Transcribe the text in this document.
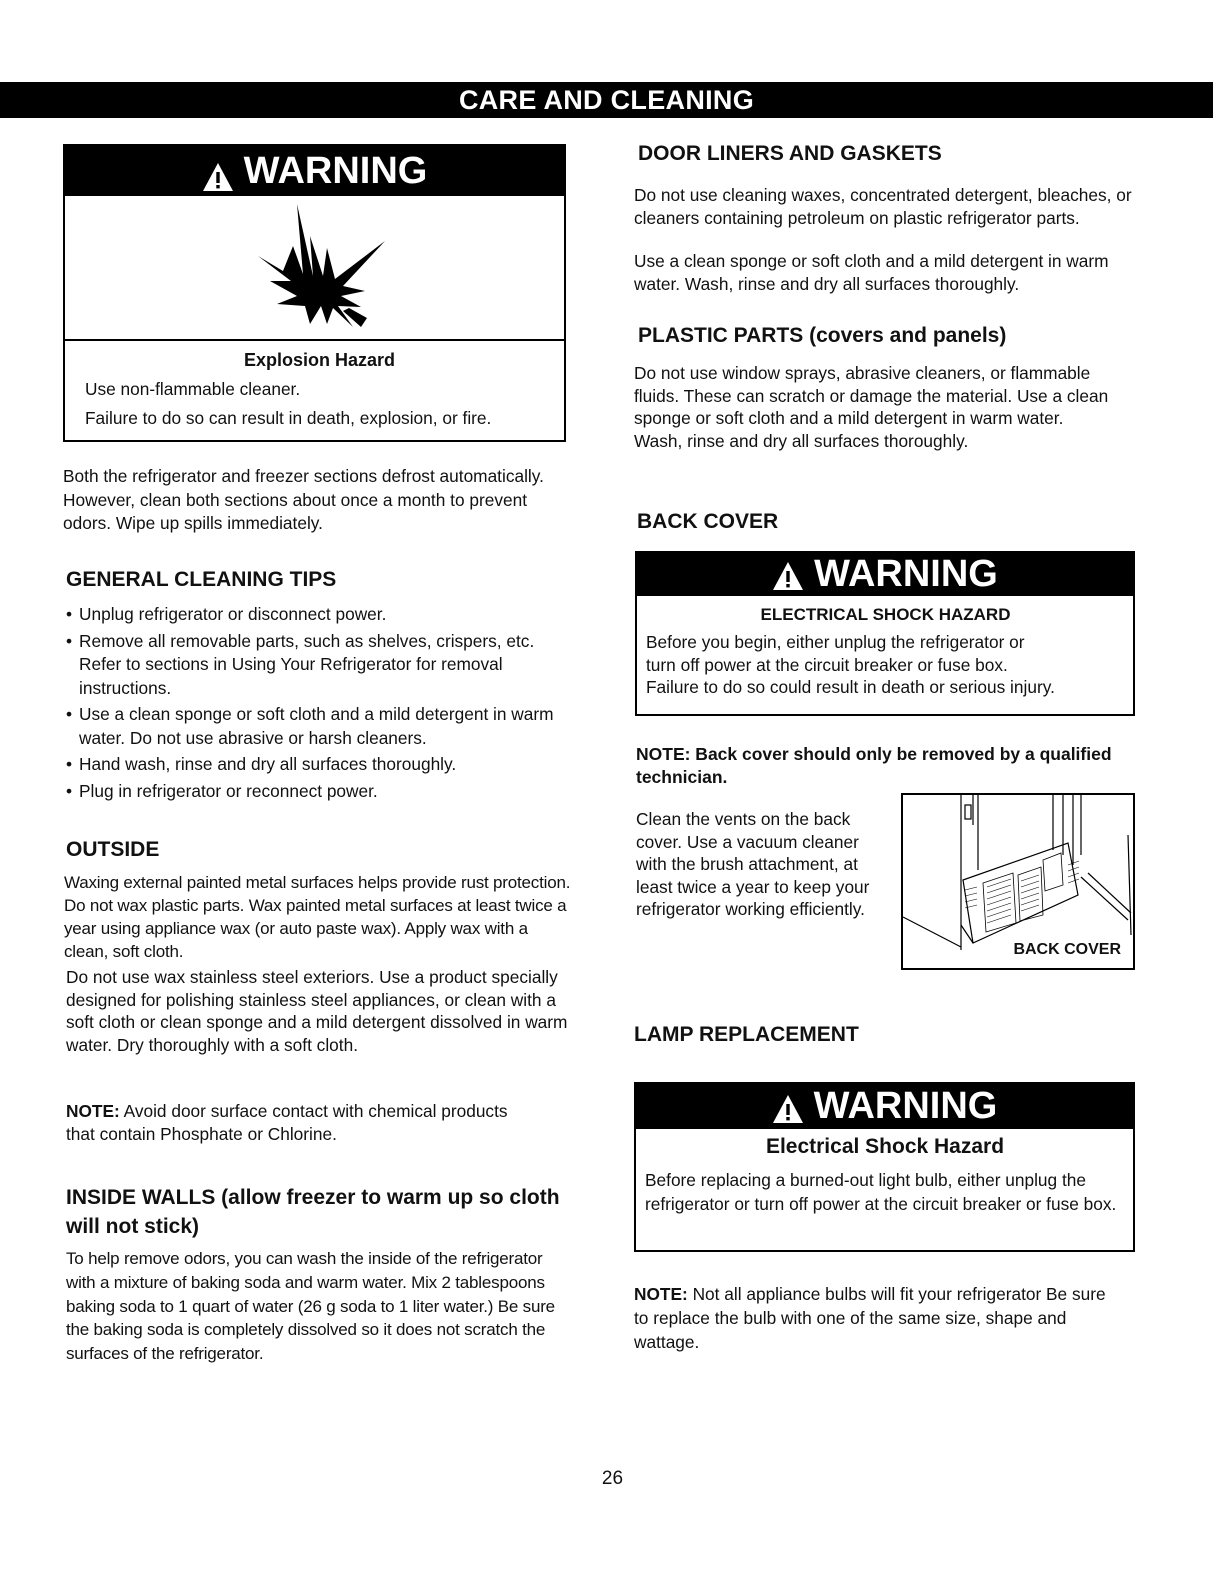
CARE AND CLEANING
WARNING
Explosion Hazard
Use non-flammable cleaner.
Failure to do so can result in death, explosion, or fire.
Both the refrigerator and freezer sections defrost automatically. However, clean both sections about once a month to prevent odors. Wipe up spills immediately.
GENERAL CLEANING TIPS
• Unplug refrigerator or disconnect power.
• Remove all removable parts, such as shelves, crispers, etc. Refer to sections in Using Your Refrigerator for removal instructions.
• Use a clean sponge or soft cloth and a mild detergent in warm water. Do not use abrasive or harsh cleaners.
• Hand wash, rinse and dry all surfaces thoroughly.
• Plug in refrigerator or reconnect power.
OUTSIDE
Waxing external painted metal surfaces helps provide rust protection. Do not wax plastic parts. Wax painted metal surfaces at least twice a year using appliance wax (or auto paste wax). Apply wax with a clean, soft cloth.
Do not use wax stainless steel exteriors. Use a product specially designed for polishing stainless steel appliances, or clean with a soft cloth or clean sponge and a mild detergent dissolved in warm water. Dry thoroughly with a soft cloth.
NOTE: Avoid door surface contact with chemical products that contain Phosphate or Chlorine.
INSIDE WALLS (allow freezer to warm up so cloth will not stick)
To help remove odors, you can wash the inside of the refrigerator with a mixture of baking soda and warm water. Mix 2 tablespoons baking soda to 1 quart of water (26 g soda to 1 liter water.) Be sure the baking soda is completely dissolved so it does not scratch the surfaces of the refrigerator.
DOOR LINERS AND GASKETS
Do not use cleaning waxes, concentrated detergent, bleaches, or cleaners containing petroleum on plastic refrigerator parts.
Use a clean sponge or soft cloth and a mild detergent in warm water. Wash, rinse and dry all surfaces thoroughly.
PLASTIC PARTS (covers and panels)
Do not use window sprays, abrasive cleaners, or flammable fluids. These can scratch or damage the material. Use a clean sponge or soft cloth and a mild detergent in warm water. Wash, rinse and dry all surfaces thoroughly.
BACK COVER
WARNING
ELECTRICAL SHOCK HAZARD
Before you begin, either unplug the refrigerator or
turn off power at the circuit breaker or fuse box.
Failure to do so could result in death or serious injury.
NOTE: Back cover should only be removed by a qualified technician.
Clean the vents on the back cover. Use a vacuum cleaner with the brush attachment, at least twice a year to keep your refrigerator working efficiently.
BACK COVER
LAMP REPLACEMENT
WARNING
Electrical Shock Hazard
Before replacing a burned-out light bulb, either unplug the refrigerator or turn off power at the circuit breaker or fuse box.
NOTE: Not all appliance bulbs will fit your refrigerator Be sure to replace the bulb with one of the same size, shape and wattage.
26
